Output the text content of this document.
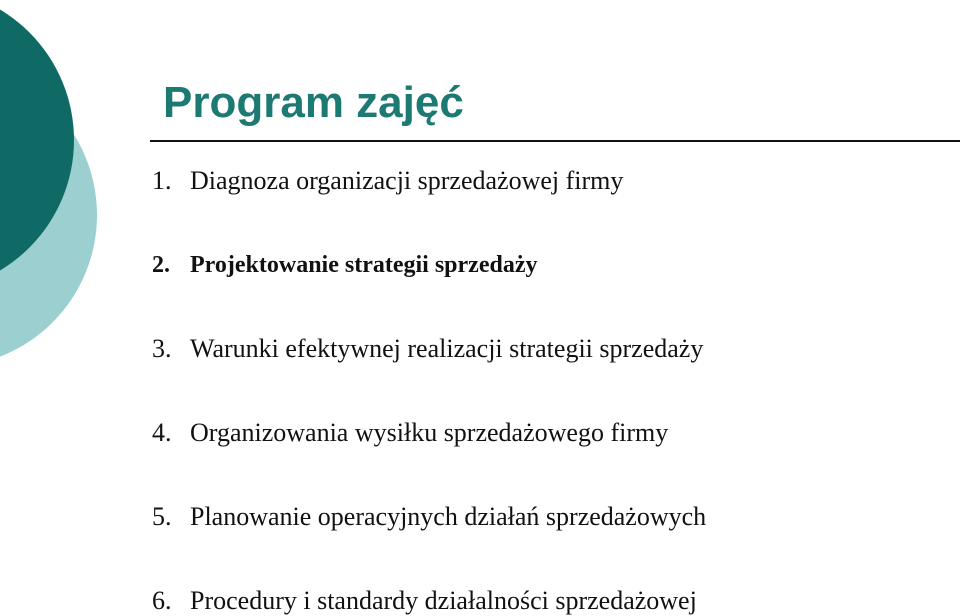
Program zajęć
1. Diagnoza organizacji sprzedażowej firmy
2. Projektowanie strategii sprzedaży
3. Warunki efektywnej realizacji strategii sprzedaży
4. Organizowania wysiłku sprzedażowego firmy
5. Planowanie operacyjnych działań sprzedażowych
6. Procedury i standardy działalności sprzedażowej
